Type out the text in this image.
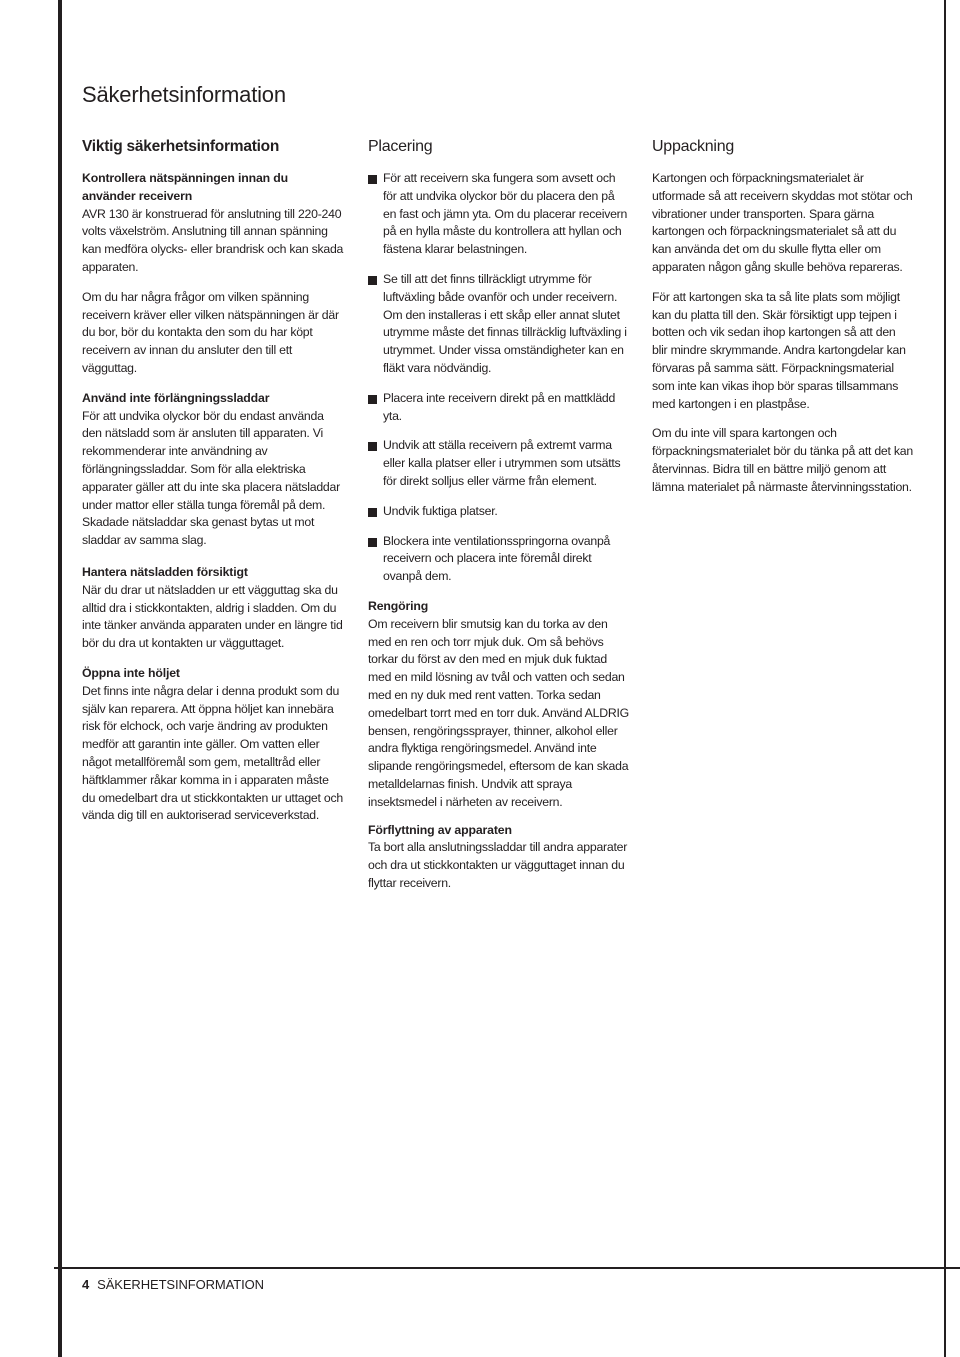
Säkerhetsinformation
Viktig säkerhetsinformation
Kontrollera nätspänningen innan du använder receivern
AVR 130 är konstruerad för anslutning till 220-240 volts växelström. Anslutning till annan spänning kan medföra olycks- eller brandrisk och kan skada apparaten.
Om du har några frågor om vilken spänning receivern kräver eller vilken nätspänningen är där du bor, bör du kontakta den som du har köpt receivern av innan du ansluter den till ett vägguttag.
Använd inte förlängningssladdar
För att undvika olyckor bör du endast använda den nätsladd som är ansluten till apparaten. Vi rekommenderar inte användning av förlängningssladdar. Som för alla elektriska apparater gäller att du inte ska placera nätsladdar under mattor eller ställa tunga föremål på dem. Skadade nätsladdar ska genast bytas ut mot sladdar av samma slag.
Hantera nätsladden försiktigt
När du drar ut nätsladden ur ett vägguttag ska du alltid dra i stickkontakten, aldrig i sladden. Om du inte tänker använda apparaten under en längre tid bör du dra ut kontakten ur vägguttaget.
Öppna inte höljet
Det finns inte några delar i denna produkt som du själv kan reparera. Att öppna höljet kan innebära risk för elchock, och varje ändring av produkten medför att garantin inte gäller. Om vatten eller något metallföremål som gem, metalltråd eller häftklammer råkar komma in i apparaten måste du omedelbart dra ut stickkontakten ur uttaget och vända dig till en auktoriserad serviceverkstad.
Placering
För att receivern ska fungera som avsett och för att undvika olyckor bör du placera den på en fast och jämn yta. Om du placerar receivern på en hylla måste du kontrollera att hyllan och fästena klarar belastningen.
Se till att det finns tillräckligt utrymme för luftväxling både ovanför och under receivern. Om den installeras i ett skåp eller annat slutet utrymme måste det finnas tillräcklig luftväxling i utrymmet. Under vissa omständigheter kan en fläkt vara nödvändig.
Placera inte receivern direkt på en mattklädd yta.
Undvik att ställa receivern på extremt varma eller kalla platser eller i utrymmen som utsätts för direkt solljus eller värme från element.
Undvik fuktiga platser.
Blockera inte ventilationsspringorna ovanpå receivern och placera inte föremål direkt ovanpå dem.
Rengöring
Om receivern blir smutsig kan du torka av den med en ren och torr mjuk duk. Om så behövs torkar du först av den med en mjuk duk fuktad med en mild lösning av tvål och vatten och sedan med en ny duk med rent vatten. Torka sedan omedelbart torrt med en torr duk. Använd ALDRIG bensen, rengöringssprayer, thinner, alkohol eller andra flyktiga rengöringsmedel. Använd inte slipande rengöringsmedel, eftersom de kan skada metalldelarnas finish. Undvik att spraya insektsmedel i närheten av receivern.
Förflyttning av apparaten
Ta bort alla anslutningssladdar till andra apparater och dra ut stickkontakten ur vägguttaget innan du flyttar receivern.
Uppackning
Kartongen och förpackningsmaterialet är utformade så att receivern skyddas mot stötar och vibrationer under transporten. Spara gärna kartongen och förpackningsmaterialet så att du kan använda det om du skulle flytta eller om apparaten någon gång skulle behöva repareras.
För att kartongen ska ta så lite plats som möjligt kan du platta till den. Skär försiktigt upp tejpen i botten och vik sedan ihop kartongen så att den blir mindre skrymmande. Andra kartongdelar kan förvaras på samma sätt. Förpackningsmaterial som inte kan vikas ihop bör sparas tillsammans med kartongen i en plastpåse.
Om du inte vill spara kartongen och förpackningsmaterialet bör du tänka på att det kan återvinnas. Bidra till en bättre miljö genom att lämna materialet på närmaste återvinningsstation.
4 SÄKERHETSINFORMATION
